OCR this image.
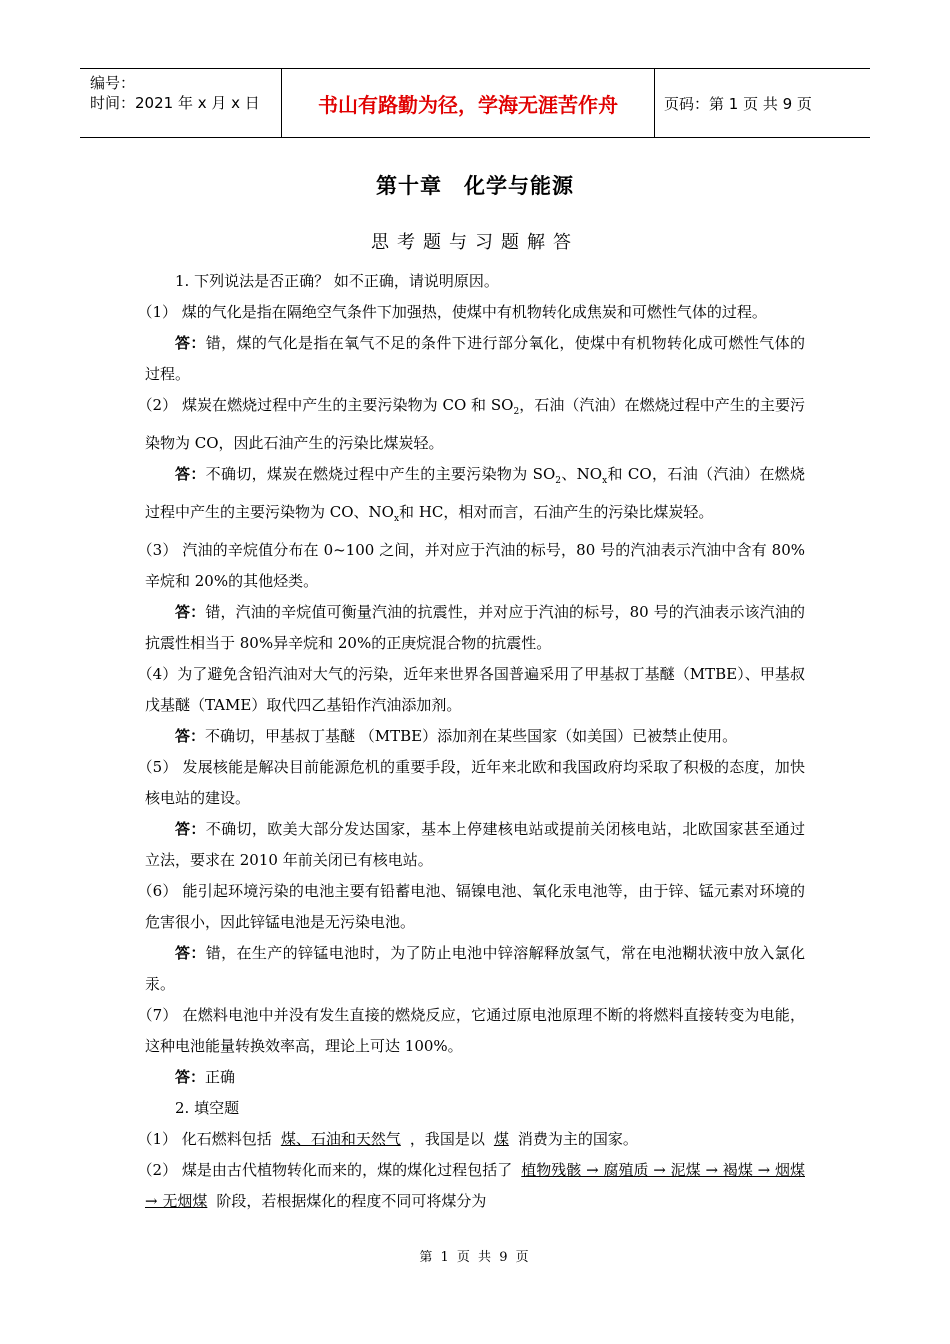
编号：
时间：2021 年 x 月 x 日	书山有路勤为径，学海无涯苦作舟	页码：第 1 页 共 9 页
第十章　化学与能源
思考题与习题解答

1. 下列说法是否正确？ 如不正确，请说明原因。

（1） 煤的气化是指在隔绝空气条件下加强热，使煤中有机物转化成焦炭和可燃性气体的过程。

答：错，煤的气化是指在氧气不足的条件下进行部分氧化，使煤中有机物转化成可燃性气体的过程。

（2） 煤炭在燃烧过程中产生的主要污染物为 CO 和 $SO_2$，石油（汽油）在燃烧过程中产生的主要污染物为 CO，因此石油产生的污染比煤炭轻。

答：不确切，煤炭在燃烧过程中产生的主要污染物为 $SO_2$、$NO_x$和 CO，石油（汽油）在燃烧过程中产生的主要污染物为 CO、$NO_x$和 HC，相对而言，石油产生的污染比煤炭轻。

（3） 汽油的辛烷值分布在 0~100 之间，并对应于汽油的标号，80 号的汽油表示汽油中含有 80%辛烷和 20%的其他烃类。

答：错，汽油的辛烷值可衡量汽油的抗震性，并对应于汽油的标号，80 号的汽油表示该汽油的抗震性相当于 80%异辛烷和 20%的正庚烷混合物的抗震性。

（4）为了避免含铅汽油对大气的污染，近年来世界各国普遍采用了甲基叔丁基醚（MTBE）、甲基叔戊基醚（TAME）取代四乙基铅作汽油添加剂。

答：不确切，甲基叔丁基醚 （MTBE）添加剂在某些国家（如美国）已被禁止使用。

（5） 发展核能是解决目前能源危机的重要手段，近年来北欧和我国政府均采取了积极的态度，加快核电站的建设。

答：不确切，欧美大部分发达国家，基本上停建核电站或提前关闭核电站，北欧国家甚至通过立法，要求在 2010 年前关闭已有核电站。

（6） 能引起环境污染的电池主要有铅蓄电池、镉镍电池、氧化汞电池等，由于锌、锰元素对环境的危害很小，因此锌锰电池是无污染电池。

答：错，在生产的锌锰电池时，为了防止电池中锌溶解释放氢气，常在电池糊状液中放入氯化汞。

（7） 在燃料电池中并没有发生直接的燃烧反应，它通过原电池原理不断的将燃料直接转变为电能，这种电池能量转换效率高，理论上可达 100%。

答：正确

2. 填空题

（1） 化石燃料包括 煤、石油和天然气 ，我国是以 煤 消费为主的国家。

（2） 煤是由古代植物转化而来的，煤的煤化过程包括了 植物残骸 → 腐殖质 → 泥煤 → 褐煤 → 烟煤 → 无烟煤 阶段，若根据煤化的程度不同可将煤分为

第 1 页 共 9 页
